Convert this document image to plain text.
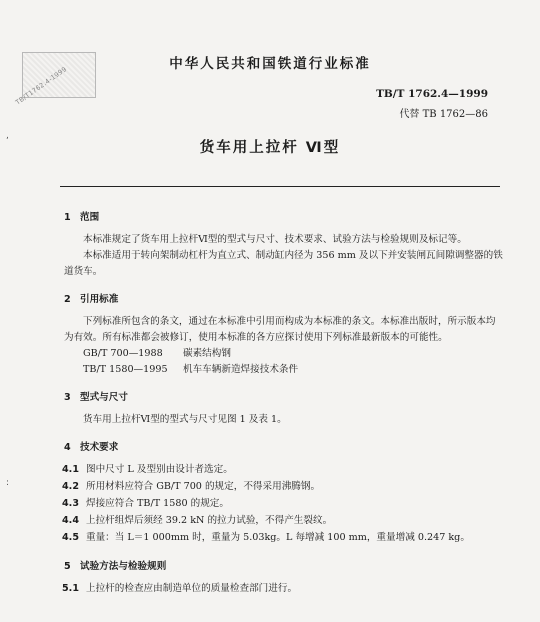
TB/T1762.4-1999
,
:
中华人民共和国铁道行业标准
TB/T 1762.4—1999
代替 TB 1762—86
货车用上拉杆 Ⅵ型
1 范围

本标准规定了货车用上拉杆Ⅵ型的型式与尺寸、技术要求、试验方法与检验规则及标记等。

本标准适用于转向架制动杠杆为直立式、制动缸内径为 356 mm 及以下并安装闸瓦间隙调整器的铁道货车。

2 引用标准

下列标准所包含的条文，通过在本标准中引用而构成为本标准的条文。本标准出版时，所示版本均为有效。所有标准都会被修订，使用本标准的各方应探讨使用下列标准最新版本的可能性。

GB/T 700—1988	碳素结构钢
TB/T 1580—1995	机车车辆新造焊接技术条件
3 型式与尺寸

货车用上拉杆Ⅵ型的型式与尺寸见图 1 及表 1。

4 技术要求
4.1 图中尺寸 L 及型别由设计者选定。
4.2 所用材料应符合 GB/T 700 的规定，不得采用沸腾钢。
4.3 焊接应符合 TB/T 1580 的规定。
4.4 上拉杆组焊后须经 39.2 kN 的拉力试验，不得产生裂纹。
4.5 重量：当 L＝1 000mm 时，重量为 5.03kg。L 每增减 100 mm，重量增减 0.247 kg。
5 试验方法与检验规则
5.1 上拉杆的检查应由制造单位的质量检查部门进行。
